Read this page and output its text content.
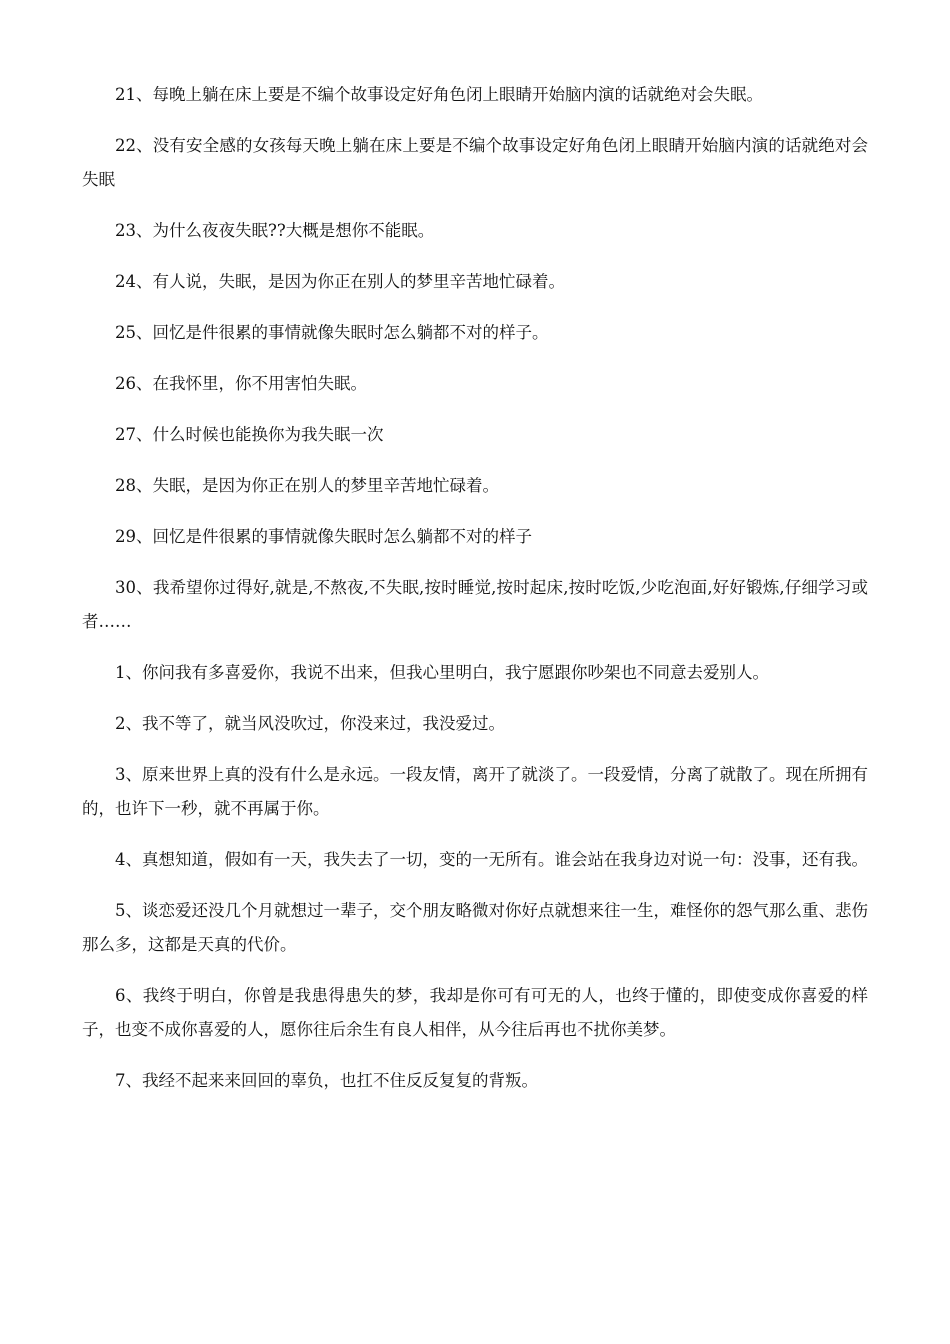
21、每晚上躺在床上要是不编个故事设定好角色闭上眼睛开始脑内演的话就绝对会失眠。

22、没有安全感的女孩每天晚上躺在床上要是不编个故事设定好角色闭上眼睛开始脑内演的话就绝对会失眠

23、为什么夜夜失眠??大概是想你不能眠。

24、有人说，失眠，是因为你正在别人的梦里辛苦地忙碌着。

25、回忆是件很累的事情就像失眠时怎么躺都不对的样子。

26、在我怀里，你不用害怕失眠。

27、什么时候也能换你为我失眠一次

28、失眠，是因为你正在别人的梦里辛苦地忙碌着。

29、回忆是件很累的事情就像失眠时怎么躺都不对的样子

30、我希望你过得好,就是,不熬夜,不失眠,按时睡觉,按时起床,按时吃饭,少吃泡面,好好锻炼,仔细学习或者……

1、你问我有多喜爱你，我说不出来，但我心里明白，我宁愿跟你吵架也不同意去爱别人。

2、我不等了，就当风没吹过，你没来过，我没爱过。

3、原来世界上真的没有什么是永远。一段友情，离开了就淡了。一段爱情，分离了就散了。现在所拥有的，也许下一秒，就不再属于你。

4、真想知道，假如有一天，我失去了一切，变的一无所有。谁会站在我身边对说一句：没事，还有我。

5、谈恋爱还没几个月就想过一辈子，交个朋友略微对你好点就想来往一生，难怪你的怨气那么重、悲伤那么多，这都是天真的代价。

6、我终于明白，你曾是我患得患失的梦，我却是你可有可无的人，也终于懂的，即使变成你喜爱的样子，也变不成你喜爱的人，愿你往后余生有良人相伴，从今往后再也不扰你美梦。

7、我经不起来来回回的辜负，也扛不住反反复复的背叛。
